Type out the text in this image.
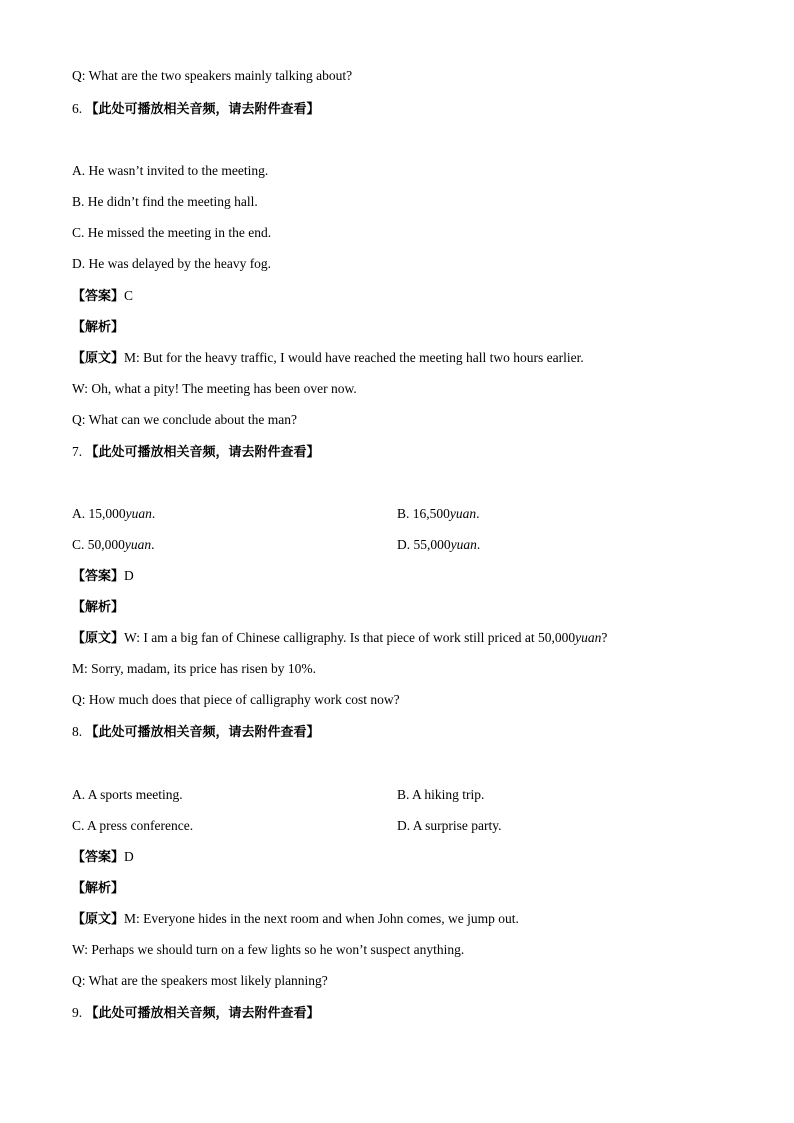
Q: What are the two speakers mainly talking about?
6. 【此处可播放相关音频，请去附件查看】
A. He wasn’t invited to the meeting.
B. He didn’t find the meeting hall.
C. He missed the meeting in the end.
D. He was delayed by the heavy fog.
【答案】C
【解析】
【原文】M: But for the heavy traffic, I would have reached the meeting hall two hours earlier.
W: Oh, what a pity! The meeting has been over now.
Q: What can we conclude about the man?
7. 【此处可播放相关音频，请去附件查看】
A. 15,000yuan.	B. 16,500yuan.
C. 50,000yuan.	D. 55,000yuan.
【答案】D
【解析】
【原文】W: I am a big fan of Chinese calligraphy. Is that piece of work still priced at 50,000yuan?
M: Sorry, madam, its price has risen by 10%.
Q: How much does that piece of calligraphy work cost now?
8. 【此处可播放相关音频，请去附件查看】
A. A sports meeting.	B. A hiking trip.
C. A press conference.	D. A surprise party.
【答案】D
【解析】
【原文】M: Everyone hides in the next room and when John comes, we jump out.
W: Perhaps we should turn on a few lights so he won’t suspect anything.
Q: What are the speakers most likely planning?
9. 【此处可播放相关音频，请去附件查看】
